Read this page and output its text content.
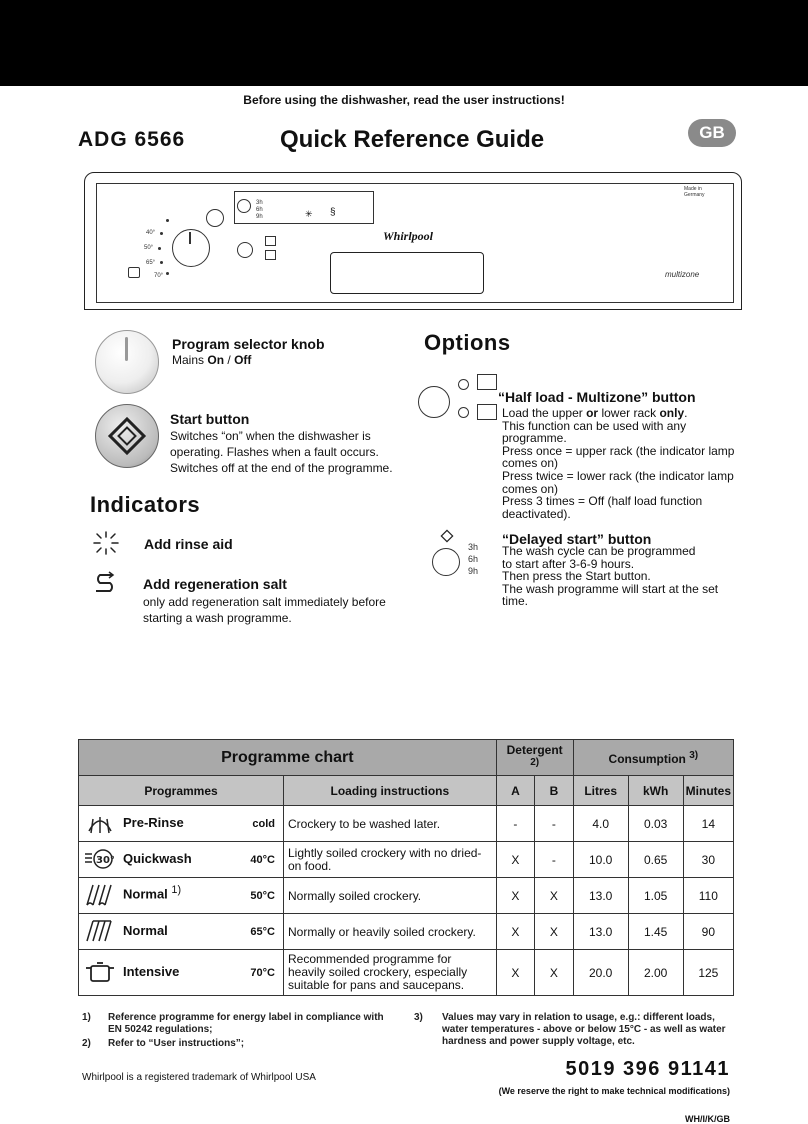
Before using the dishwasher, read the user instructions!
ADG 6566	Quick Reference Guide	GB
Whirlpool
Made in Germany
multizone
3h
6h
9h
40°
50°
65°
70°
✳ §
Program selector knob
Mains On / Off
Start button
Switches “on” when the dishwasher is
operating. Flashes when a fault occurs.
Switches off at the end of the programme.
Indicators
Add rinse aid
Add regeneration salt
only add regeneration salt immediately before
starting a wash programme.
Options
“Half load - Multizone” button
Load the upper or lower rack only.
This function can be used with any
programme.
Press once = upper rack (the indicator lamp
comes on)
Press twice = lower rack (the indicator lamp
comes on)
Press 3 times = Off (half load function
deactivated).
3h
6h
9h
“Delayed start” button
The wash cycle can be programmed
to start after 3-6-9 hours.
Then press the Start button.
The wash programme will start at the set
time.
Programme chart		Detergent $^{2)}$		Consumption $^{3)}$
Programmes	Loading instructions	A	B	Litres	kWh	Minutes
Pre-Rinse cold	Crockery to be washed later.	-	-	4.0	0.03	14

30° Quickwash 40°C	Lightly soiled crockery with no dried-on food.	X	-	10.0	0.65	30
Normal $^{1)}$ 50°C	Normally soiled crockery.	X	X	13.0	1.05	110
Normal 65°C	Normally or heavily soiled crockery.	X	X	13.0	1.45	90
Intensive 70°C	Recommended programme for heavily soiled crockery, especially suitable for pans and saucepans.	X	X	20.0	2.00	125
1) Reference programme for energy label in compliance with EN 50242 regulations;
2) Refer to “User instructions”;
3) Values may vary in relation to usage, e.g.: different loads, water temperatures - above or below 15°C - as well as water hardness and power supply voltage, etc.
Whirlpool is a registered trademark of Whirlpool USA	5019 396 91141
(We reserve the right to make technical modifications)
WH/I/K/GB
